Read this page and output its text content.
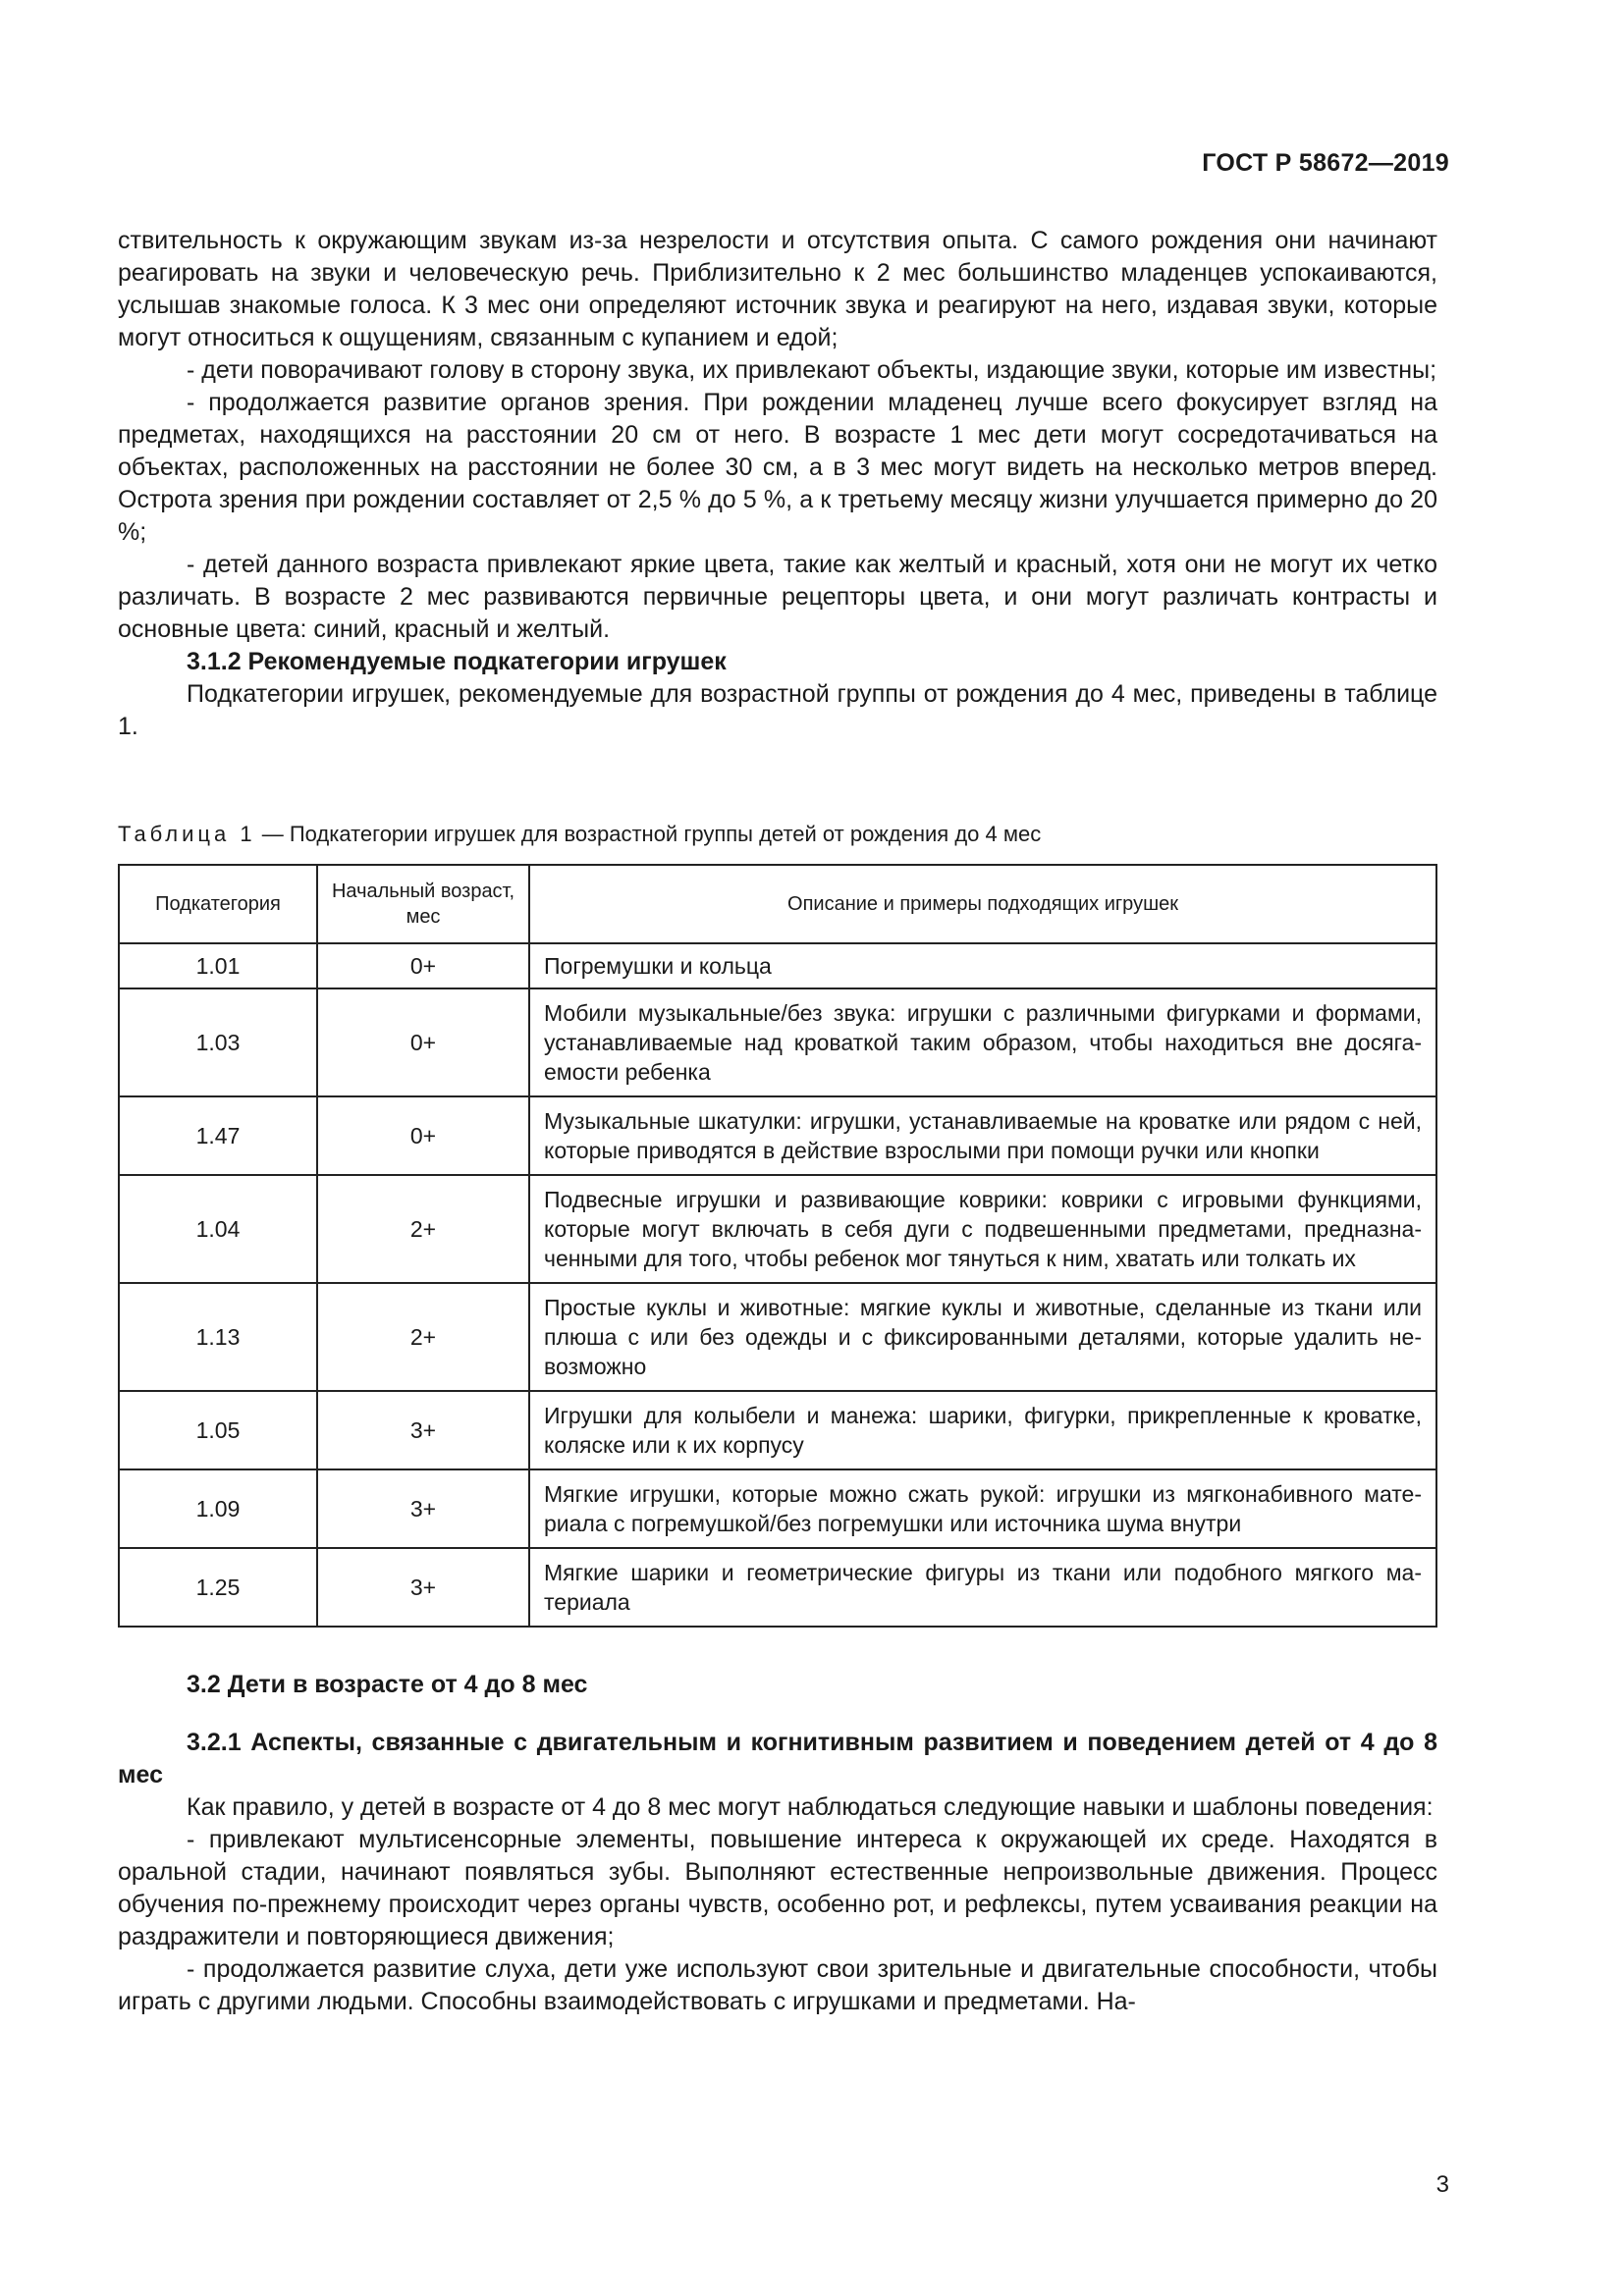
ГОСТ Р 58672—2019

ствительность к окружающим звукам из-за незрелости и отсутствия опыта. С самого рождения они начинают реагировать на звуки и человеческую речь. Приблизительно к 2 мес большинство младенцев успокаиваются, услышав знакомые голоса. К 3 мес они определяют источник звука и реагируют на него, издавая звуки, которые могут относиться к ощущениям, связанным с купанием и едой;

- дети поворачивают голову в сторону звука, их привлекают объекты, издающие звуки, которые им известны;

- продолжается развитие органов зрения. При рождении младенец лучше всего фокусирует взгляд на предметах, находящихся на расстоянии 20 см от него. В возрасте 1 мес дети могут сосредотачиваться на объектах, расположенных на расстоянии не более 30 см, а в 3 мес могут видеть на несколько метров вперед. Острота зрения при рождении составляет от 2,5 % до 5 %, а к третьему месяцу жизни улучшается примерно до 20 %;

- детей данного возраста привлекают яркие цвета, такие как желтый и красный, хотя они не могут их четко различать. В возрасте 2 мес развиваются первичные рецепторы цвета, и они могут различать контрасты и основные цвета: синий, красный и желтый.

3.1.2 Рекомендуемые подкатегории игрушек

Подкатегории игрушек, рекомендуемые для возрастной группы от рождения до 4 мес, приведены в таблице 1.

Таблица 1 — Подкатегории игрушек для возрастной группы детей от рождения до 4 мес
Подкатегория	Начальный возраст, мес	Описание и примеры подходящих игрушек
1.01	0+	Погремушки и кольца
1.03	0+	Мобили музыкальные/без звука: игрушки с различными фигурками и формами, устанавливаемые над кроваткой таким образом, чтобы находиться вне досягаемости ребенка
1.47	0+	Музыкальные шкатулки: игрушки, устанавливаемые на кроватке или рядом с ней, которые приводятся в действие взрослыми при помощи ручки или кнопки
1.04	2+	Подвесные игрушки и развивающие коврики: коврики с игровыми функциями, которые могут включать в себя дуги с подвешенными предметами, предназначенными для того, чтобы ребенок мог тянуться к ним, хватать или толкать их
1.13	2+	Простые куклы и животные: мягкие куклы и животные, сделанные из ткани или плюша с или без одежды и с фиксированными деталями, которые удалить невозможно
1.05	3+	Игрушки для колыбели и манежа: шарики, фигурки, прикрепленные к кроватке, коляске или к их корпусу
1.09	3+	Мягкие игрушки, которые можно сжать рукой: игрушки из мягконабивного материала с погремушкой/без погремушки или источника шума внутри
1.25	3+	Мягкие шарики и геометрические фигуры из ткани или подобного мягкого материала

3.2 Дети в возрасте от 4 до 8 мес

3.2.1 Аспекты, связанные с двигательным и когнитивным развитием и поведением детей от 4 до 8 мес

Как правило, у детей в возрасте от 4 до 8 мес могут наблюдаться следующие навыки и шаблоны поведения:

- привлекают мультисенсорные элементы, повышение интереса к окружающей их среде. Находятся в оральной стадии, начинают появляться зубы. Выполняют естественные непроизвольные движения. Процесс обучения по-прежнему происходит через органы чувств, особенно рот, и рефлексы, путем усваивания реакции на раздражители и повторяющиеся движения;

- продолжается развитие слуха, дети уже используют свои зрительные и двигательные способности, чтобы играть с другими людьми. Способны взаимодействовать с игрушками и предметами. На-

3
